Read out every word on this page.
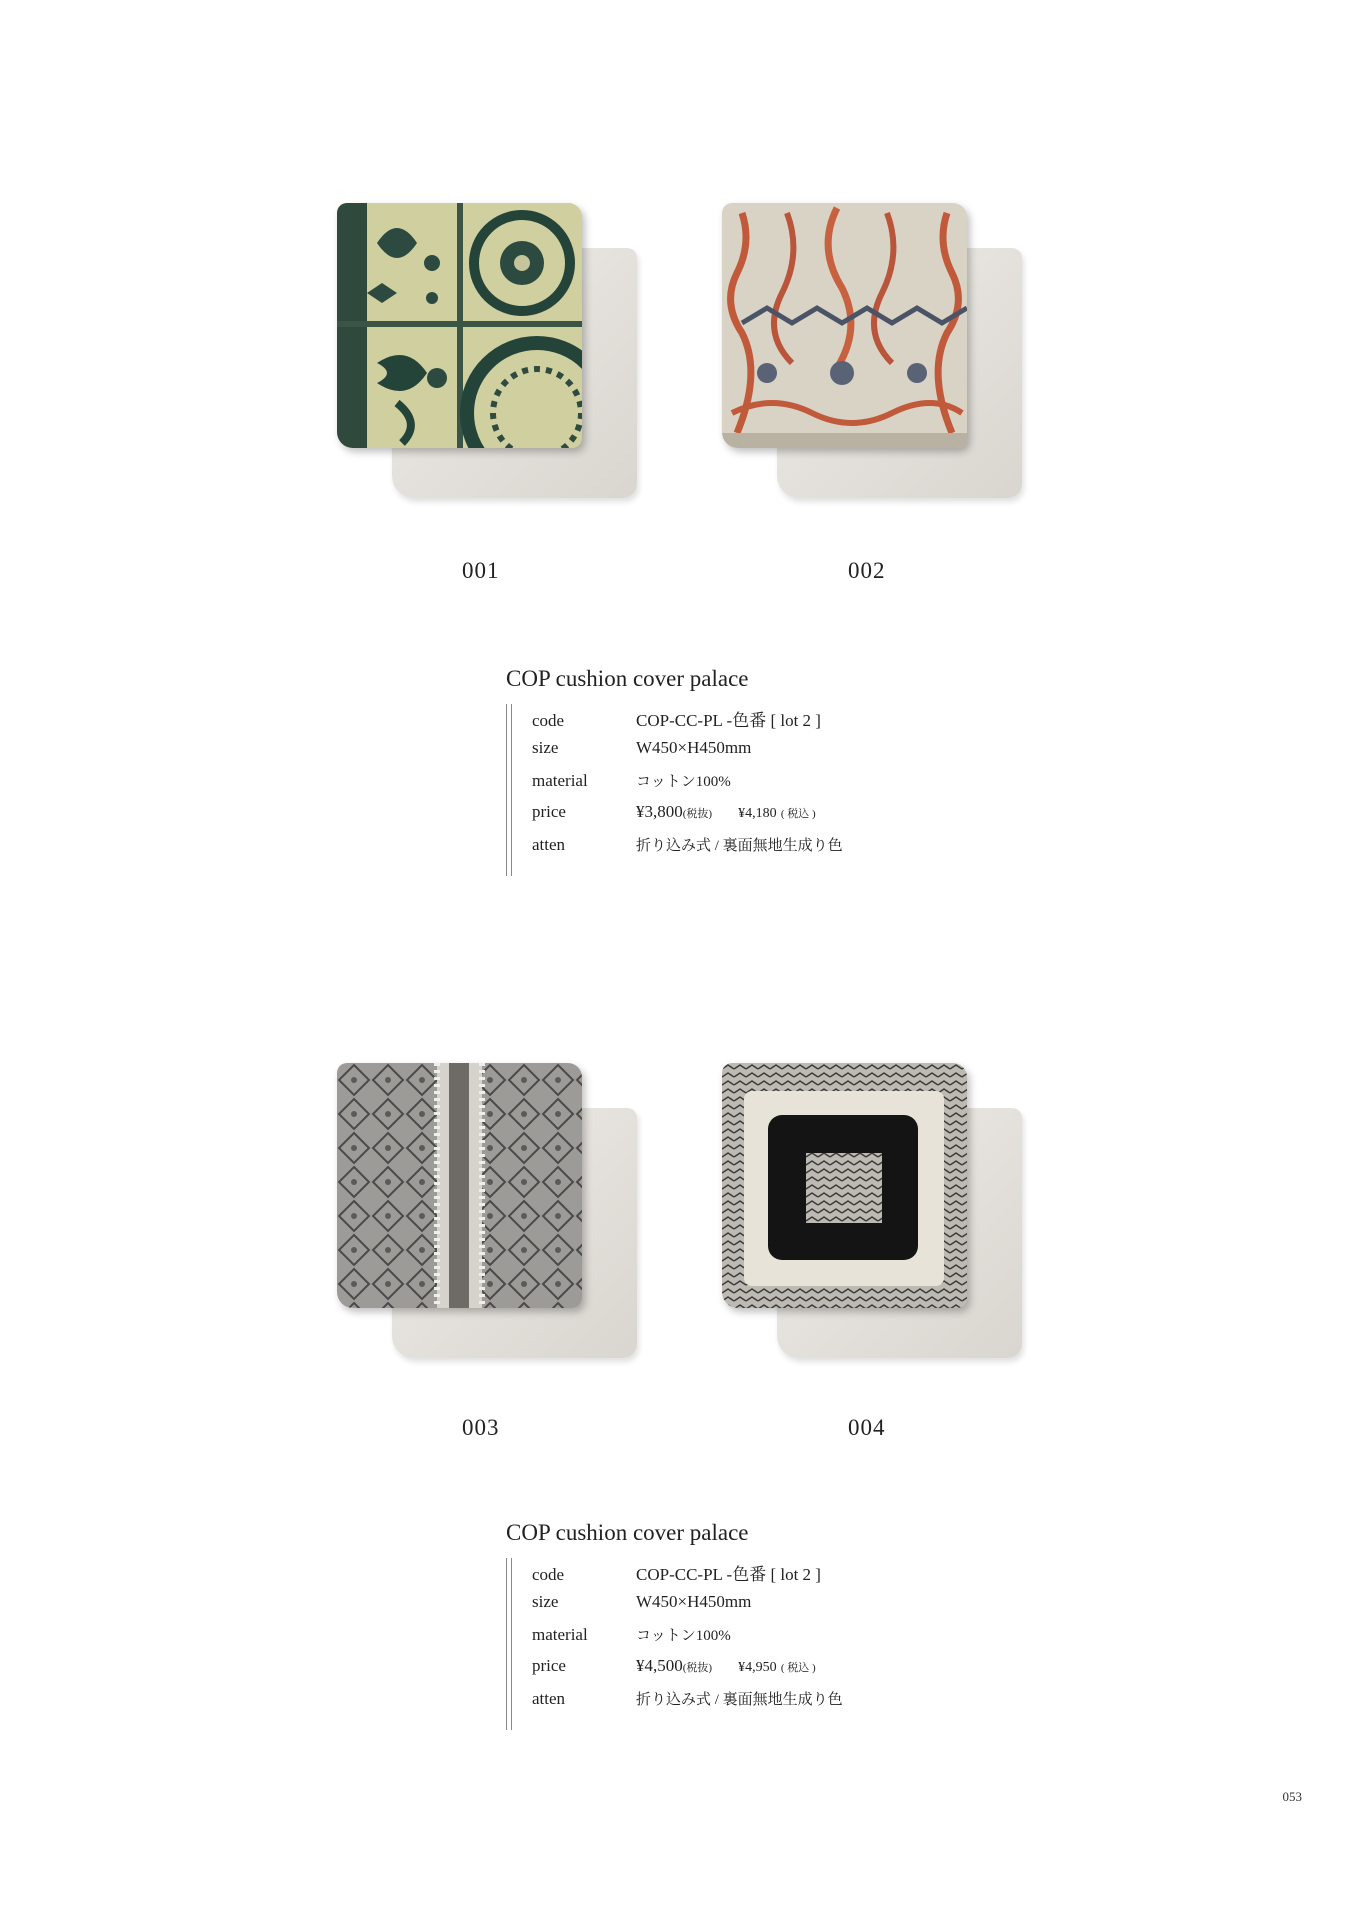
001	002
COP cushion cover palace
code	COP-CC-PL -色番 [ lot 2 ]
size	W450×H450mm
material	コットン100%
price	¥3,800(税抜) ¥4,180 ( 税込 )
atten	折り込み式 / 裏面無地生成り色
003	004
COP cushion cover palace
code	COP-CC-PL -色番 [ lot 2 ]
size	W450×H450mm
material	コットン100%
price	¥4,500(税抜) ¥4,950 ( 税込 )
atten	折り込み式 / 裏面無地生成り色
053
